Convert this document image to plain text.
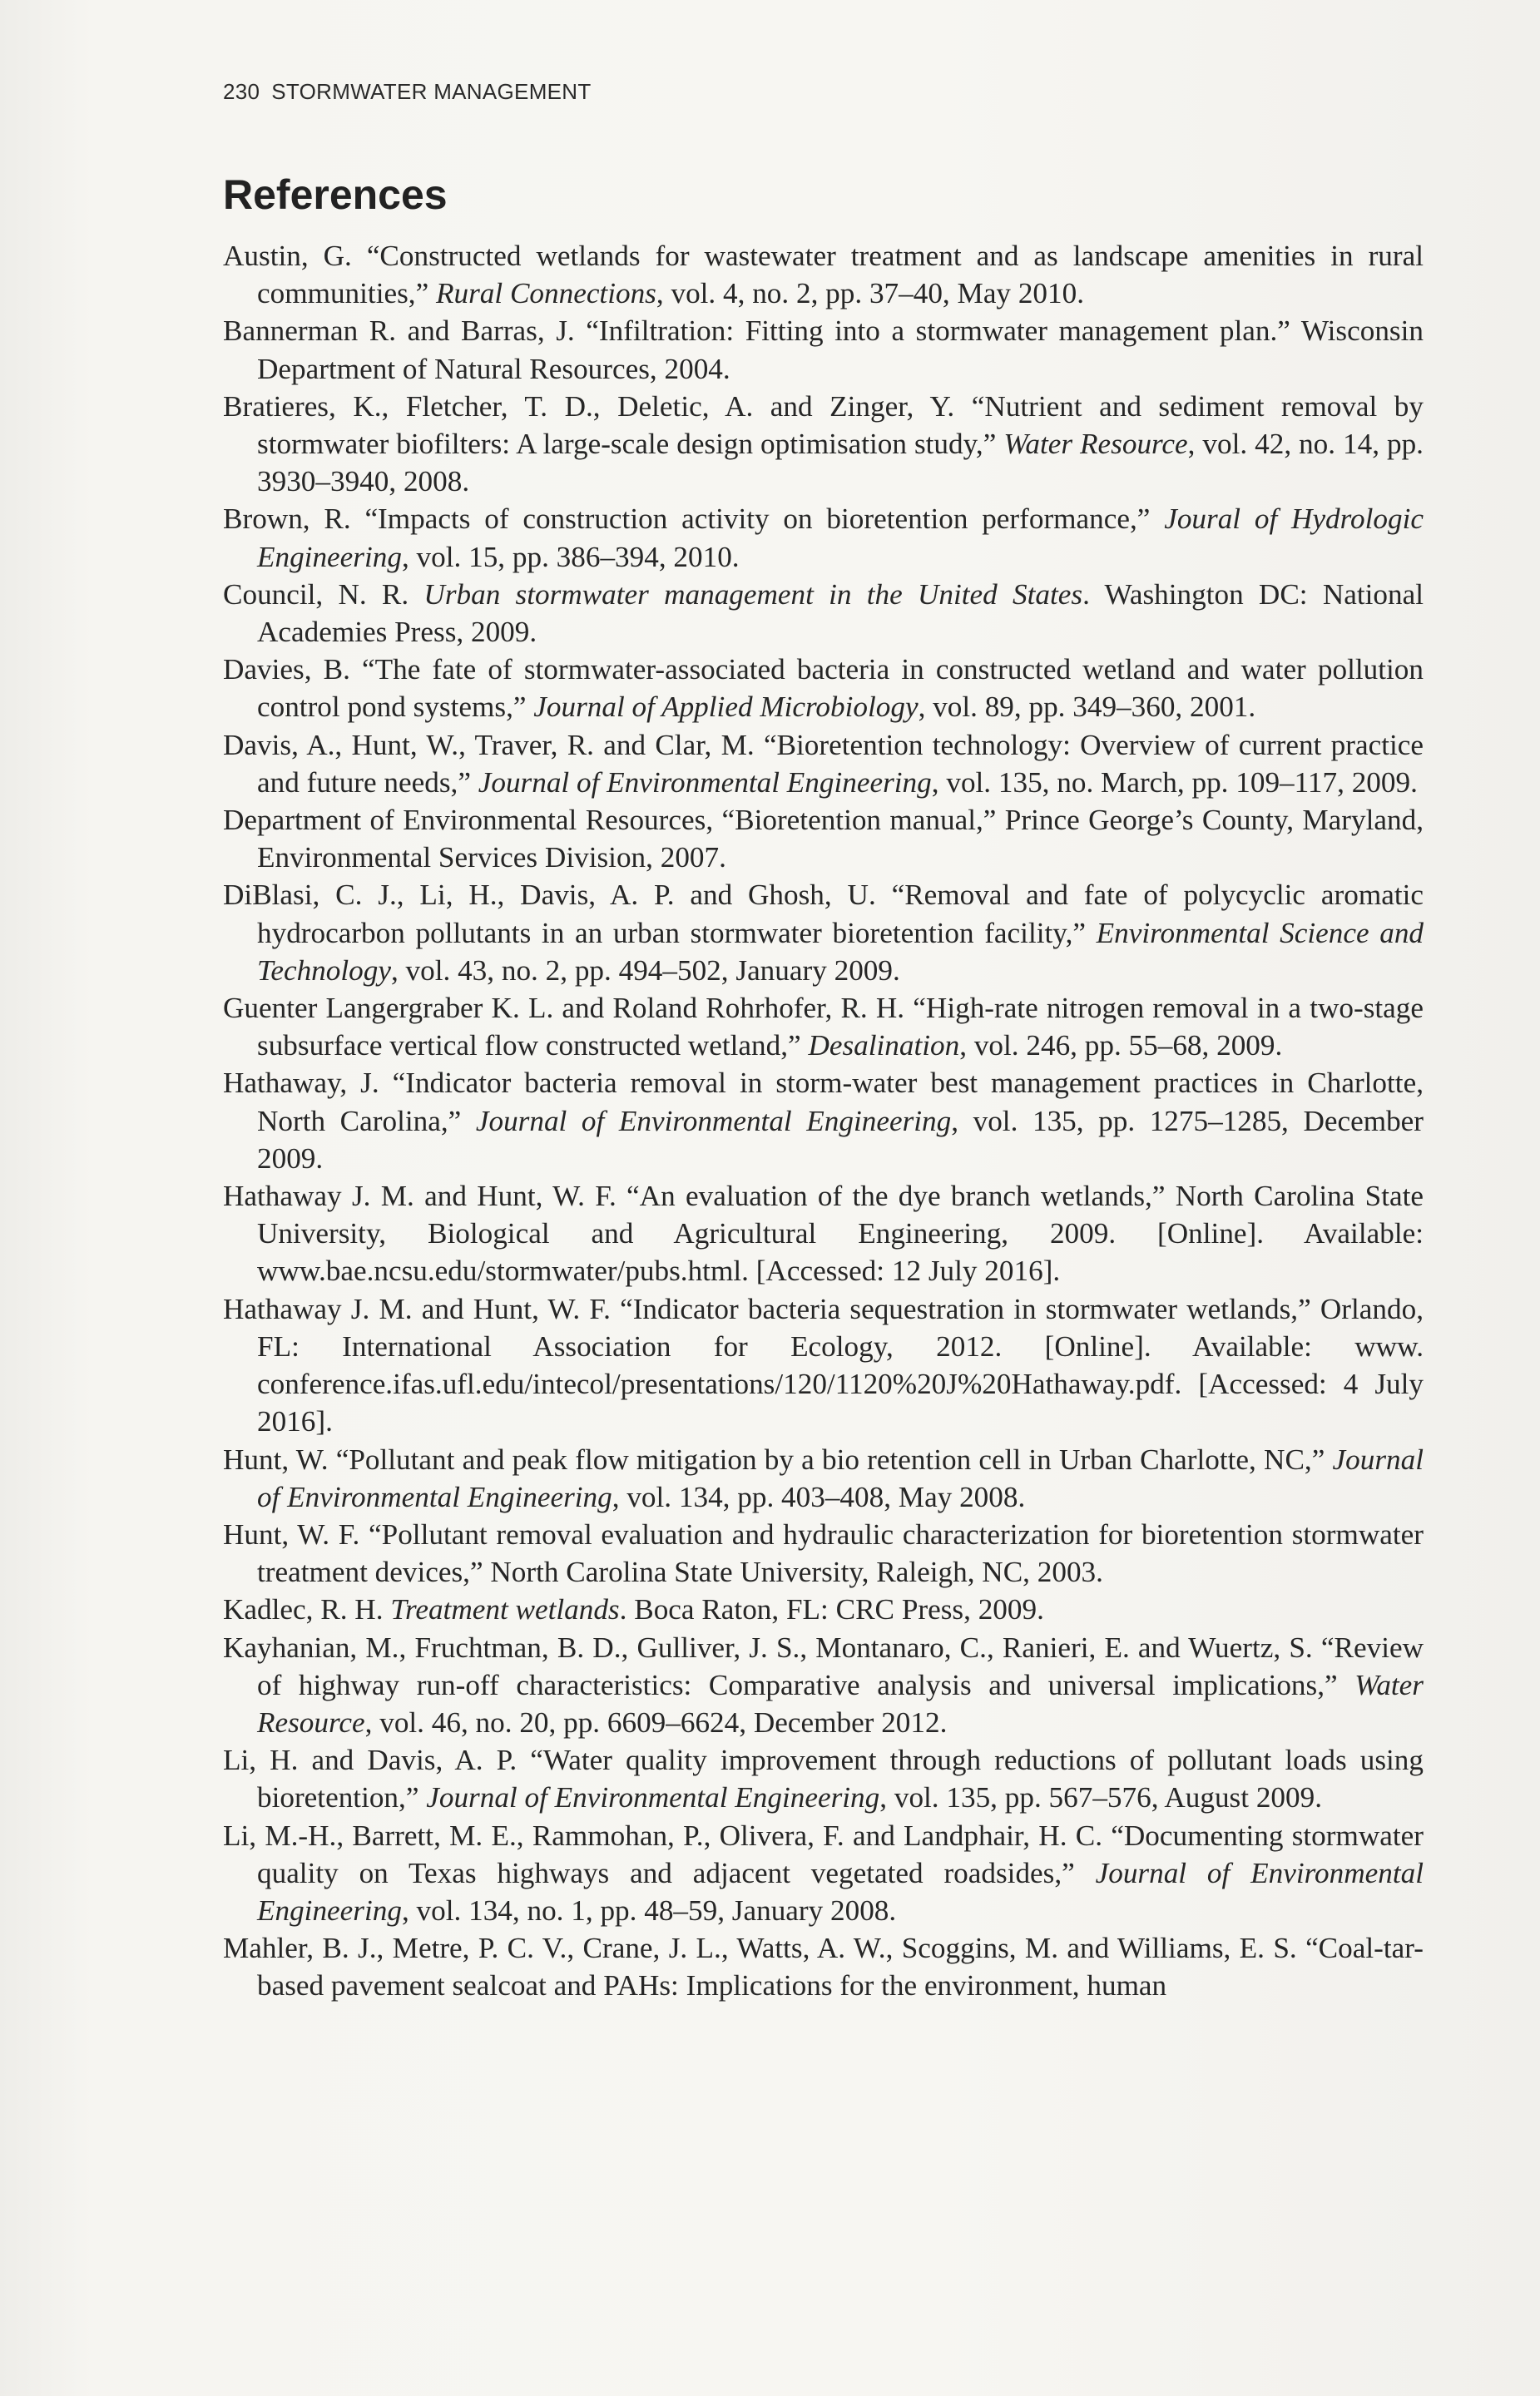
230 STORMWATER MANAGEMENT
References

Austin, G. “Constructed wetlands for wastewater treatment and as landscape amenities in rural communities,” Rural Connections, vol. 4, no. 2, pp. 37–40, May 2010.

Bannerman R. and Barras, J. “Infiltration: Fitting into a stormwater management plan.” Wisconsin Department of Natural Resources, 2004.

Bratieres, K., Fletcher, T. D., Deletic, A. and Zinger, Y. “Nutrient and sediment removal by stormwater biofilters: A large-scale design optimisation study,” Water Resource, vol. 42, no. 14, pp. 3930–3940, 2008.

Brown, R. “Impacts of construction activity on bioretention performance,” Joural of Hydrologic Engineering, vol. 15, pp. 386–394, 2010.

Council, N. R. Urban stormwater management in the United States. Washington DC: National Academies Press, 2009.

Davies, B. “The fate of stormwater-associated bacteria in constructed wetland and water pollution control pond systems,” Journal of Applied Microbiology, vol. 89, pp. 349–360, 2001.

Davis, A., Hunt, W., Traver, R. and Clar, M. “Bioretention technology: Overview of current practice and future needs,” Journal of Environmental Engineering, vol. 135, no. March, pp. 109–117, 2009.

Department of Environmental Resources, “Bioretention manual,” Prince George’s County, Maryland, Environmental Services Division, 2007.

DiBlasi, C. J., Li, H., Davis, A. P. and Ghosh, U. “Removal and fate of polycyclic aromatic hydrocarbon pollutants in an urban stormwater bioretention facility,” Environmental Science and Technology, vol. 43, no. 2, pp. 494–502, January 2009.

Guenter Langergraber K. L. and Roland Rohrhofer, R. H. “High-rate nitrogen removal in a two-stage subsurface vertical flow constructed wetland,” Desalination, vol. 246, pp. 55–68, 2009.

Hathaway, J. “Indicator bacteria removal in storm-water best management practices in Charlotte, North Carolina,” Journal of Environmental Engineering, vol. 135, pp. 1275–1285, December 2009.

Hathaway J. M. and Hunt, W. F. “An evaluation of the dye branch wetlands,” North Carolina State University, Biological and Agricultural Engineering, 2009. [Online]. Available: www.bae.ncsu.edu/stormwater/pubs.html. [Accessed: 12 July 2016].

Hathaway J. M. and Hunt, W. F. “Indicator bacteria sequestration in stormwater wetlands,” Orlando, FL: International Association for Ecology, 2012. [Online]. Available: www. conference.ifas.ufl.edu/intecol/presentations/120/1120%20J%20Hathaway.pdf. [Accessed: 4 July 2016].

Hunt, W. “Pollutant and peak flow mitigation by a bio retention cell in Urban Charlotte, NC,” Journal of Environmental Engineering, vol. 134, pp. 403–408, May 2008.

Hunt, W. F. “Pollutant removal evaluation and hydraulic characterization for bioretention stormwater treatment devices,” North Carolina State University, Raleigh, NC, 2003.

Kadlec, R. H. Treatment wetlands. Boca Raton, FL: CRC Press, 2009.

Kayhanian, M., Fruchtman, B. D., Gulliver, J. S., Montanaro, C., Ranieri, E. and Wuertz, S. “Review of highway run-off characteristics: Comparative analysis and universal implications,” Water Resource, vol. 46, no. 20, pp. 6609–6624, December 2012.

Li, H. and Davis, A. P. “Water quality improvement through reductions of pollutant loads using bioretention,” Journal of Environmental Engineering, vol. 135, pp. 567–576, August 2009.

Li, M.-H., Barrett, M. E., Rammohan, P., Olivera, F. and Landphair, H. C. “Documenting stormwater quality on Texas highways and adjacent vegetated roadsides,” Journal of Environmental Engineering, vol. 134, no. 1, pp. 48–59, January 2008.

Mahler, B. J., Metre, P. C. V., Crane, J. L., Watts, A. W., Scoggins, M. and Williams, E. S. “Coal-tar-based pavement sealcoat and PAHs: Implications for the environment, human
